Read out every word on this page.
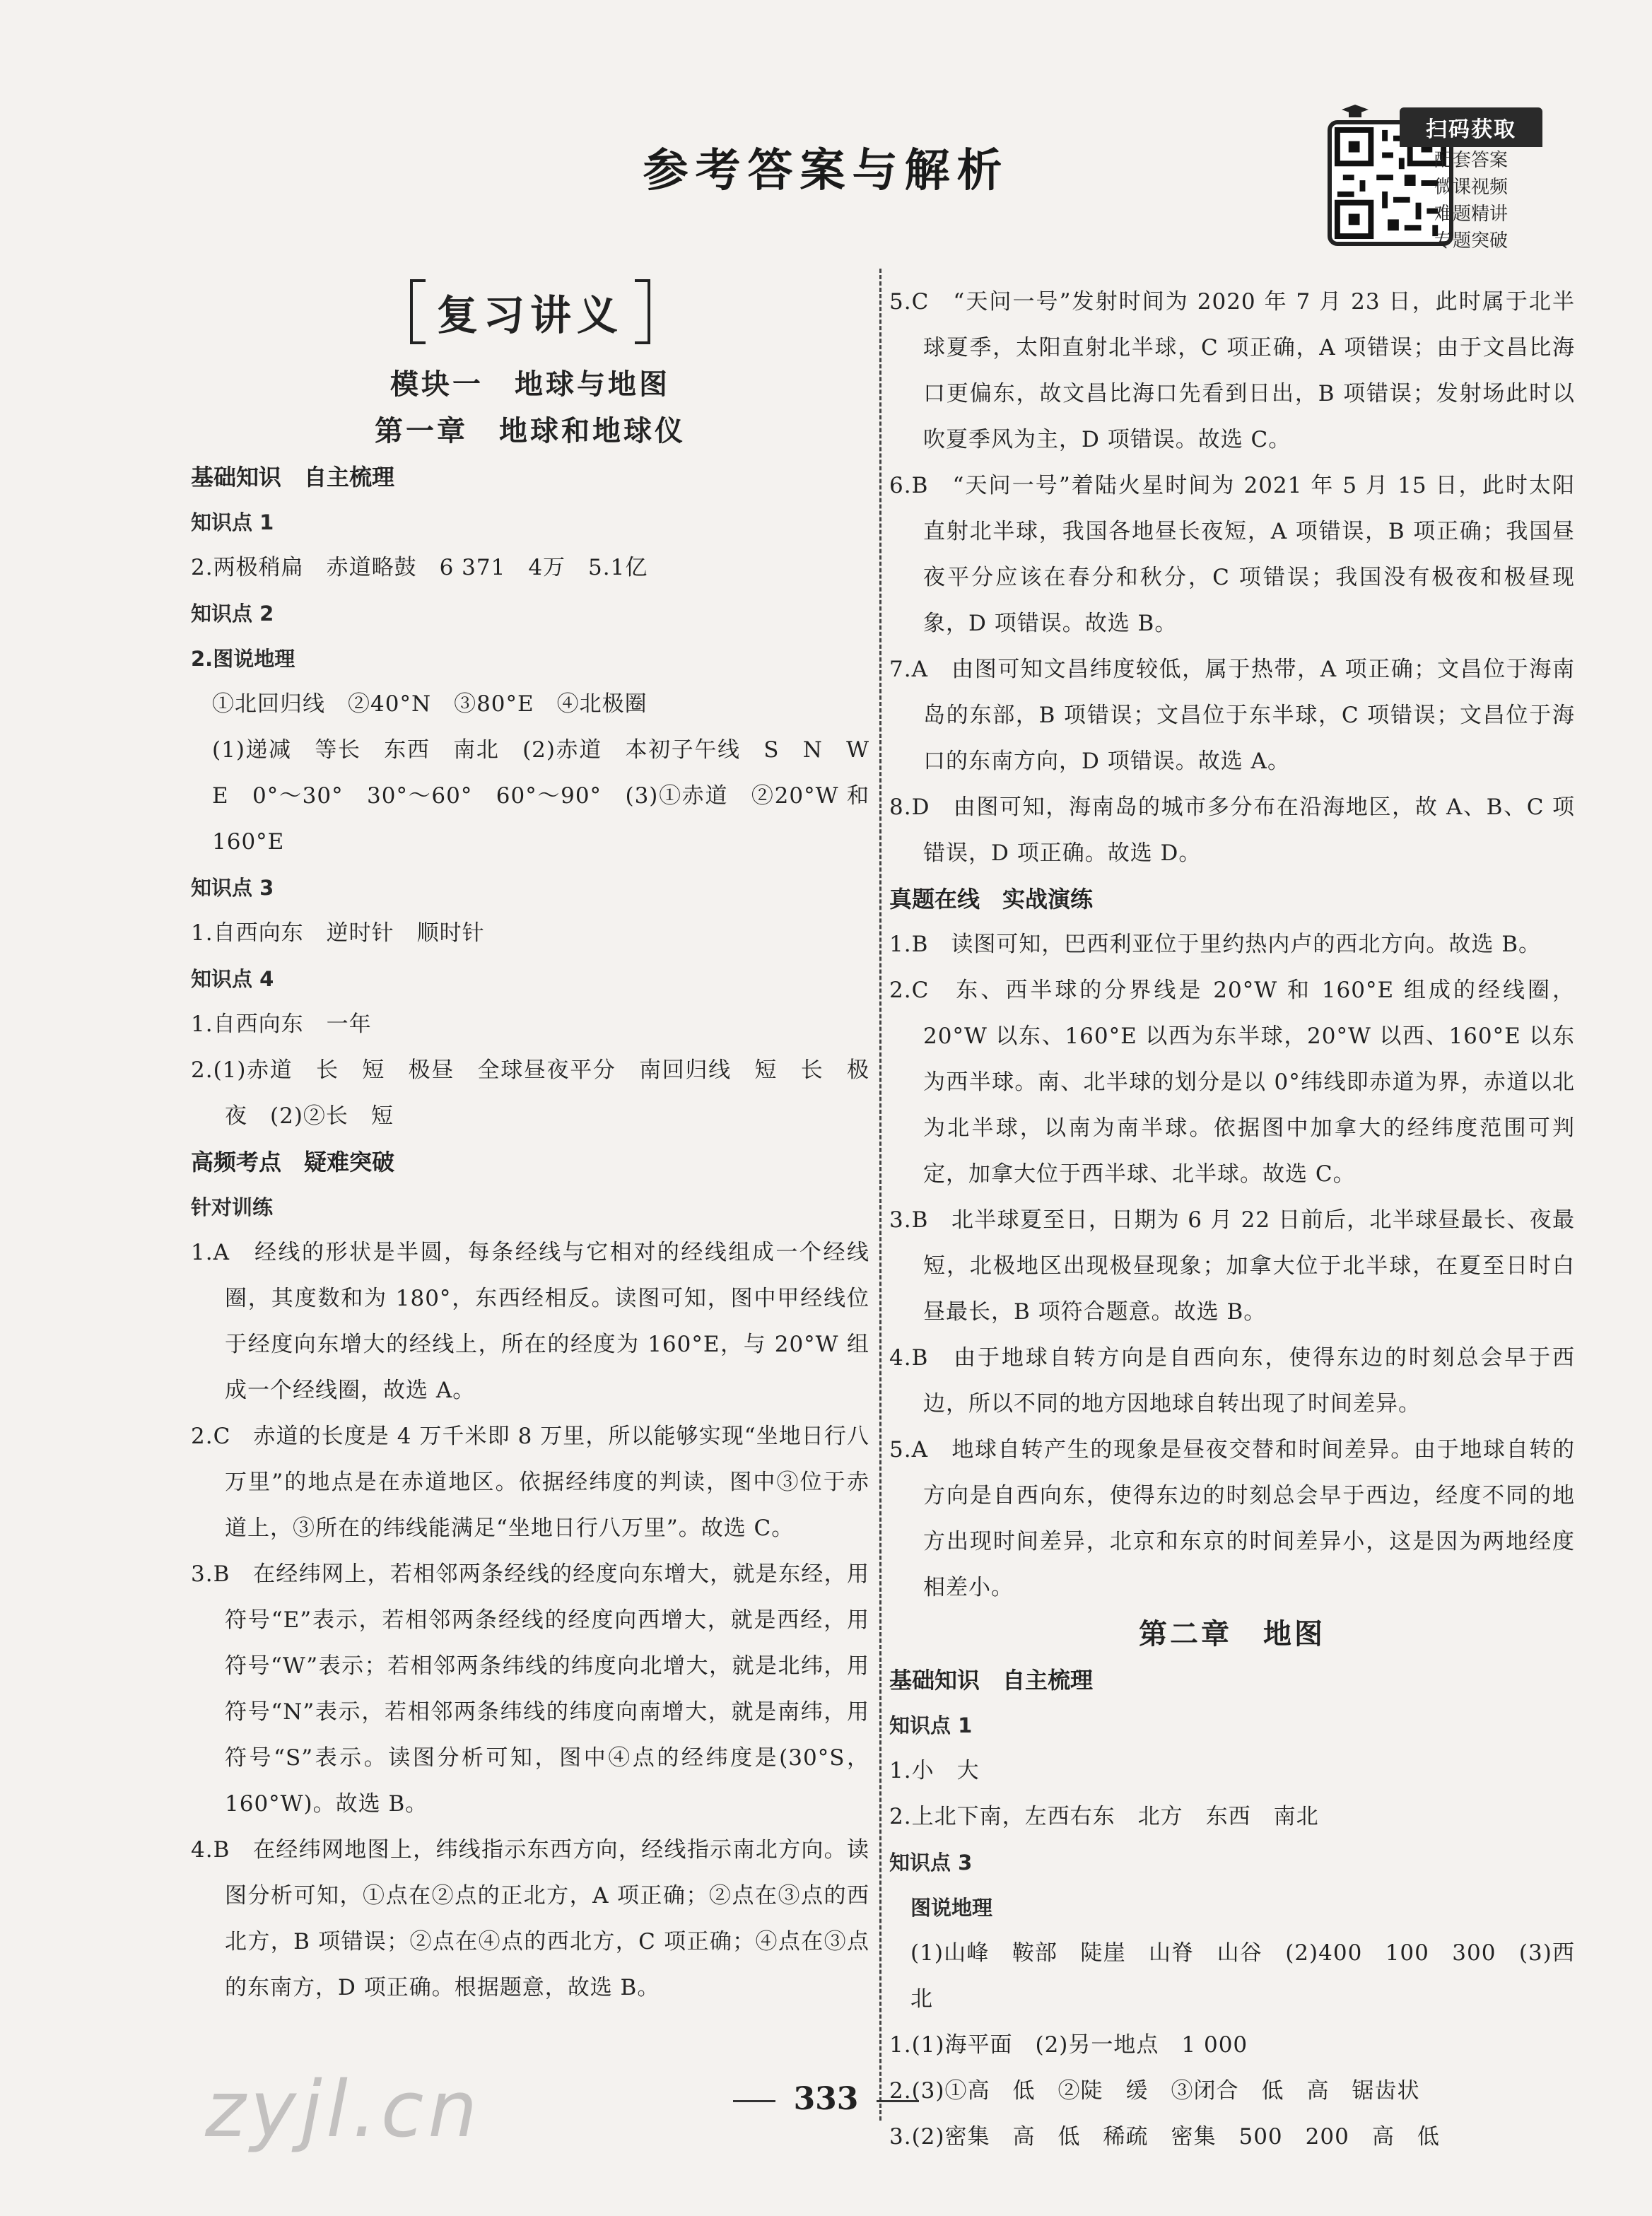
参考答案与解析
扫码获取
配套答案
微课视频
难题精讲
专题突破
复习讲义

模块一　地球与地图

第一章　地球和地球仪

基础知识　自主梳理

知识点 1

2.两极稍扁　赤道略鼓　6 371　4万　5.1亿

知识点 2

2.图说地理

①北回归线　②40°N　③80°E　④北极圈

(1)递减　等长　东西　南北　(2)赤道　本初子午线　S　N　W　E　0°～30°　30°～60°　60°～90°　(3)①赤道　②20°W 和 160°E

知识点 3

1.自西向东　逆时针　顺时针

知识点 4

1.自西向东　一年

2.(1)赤道　长　短　极昼　全球昼夜平分　南回归线　短　长　极夜　(2)②长　短

高频考点　疑难突破

针对训练

1.A　经线的形状是半圆，每条经线与它相对的经线组成一个经线圈，其度数和为 180°，东西经相反。读图可知，图中甲经线位于经度向东增大的经线上，所在的经度为 160°E，与 20°W 组成一个经线圈，故选 A。

2.C　赤道的长度是 4 万千米即 8 万里，所以能够实现“坐地日行八万里”的地点是在赤道地区。依据经纬度的判读，图中③位于赤道上，③所在的纬线能满足“坐地日行八万里”。故选 C。

3.B　在经纬网上，若相邻两条经线的经度向东增大，就是东经，用符号“E”表示，若相邻两条经线的经度向西增大，就是西经，用符号“W”表示；若相邻两条纬线的纬度向北增大，就是北纬，用符号“N”表示，若相邻两条纬线的纬度向南增大，就是南纬，用符号“S”表示。读图分析可知，图中④点的经纬度是(30°S，160°W)。故选 B。

4.B　在经纬网地图上，纬线指示东西方向，经线指示南北方向。读图分析可知，①点在②点的正北方，A 项正确；②点在③点的西北方，B 项错误；②点在④点的西北方，C 项正确；④点在③点的东南方，D 项正确。根据题意，故选 B。

5.C　“天问一号”发射时间为 2020 年 7 月 23 日，此时属于北半球夏季，太阳直射北半球，C 项正确，A 项错误；由于文昌比海口更偏东，故文昌比海口先看到日出，B 项错误；发射场此时以吹夏季风为主，D 项错误。故选 C。

6.B　“天问一号”着陆火星时间为 2021 年 5 月 15 日，此时太阳直射北半球，我国各地昼长夜短，A 项错误，B 项正确；我国昼夜平分应该在春分和秋分，C 项错误；我国没有极夜和极昼现象，D 项错误。故选 B。

7.A　由图可知文昌纬度较低，属于热带，A 项正确；文昌位于海南岛的东部，B 项错误；文昌位于东半球，C 项错误；文昌位于海口的东南方向，D 项错误。故选 A。

8.D　由图可知，海南岛的城市多分布在沿海地区，故 A、B、C 项错误，D 项正确。故选 D。

真题在线　实战演练

1.B　读图可知，巴西利亚位于里约热内卢的西北方向。故选 B。

2.C　东、西半球的分界线是 20°W 和 160°E 组成的经线圈，20°W 以东、160°E 以西为东半球，20°W 以西、160°E 以东为西半球。南、北半球的划分是以 0°纬线即赤道为界，赤道以北为北半球，以南为南半球。依据图中加拿大的经纬度范围可判定，加拿大位于西半球、北半球。故选 C。

3.B　北半球夏至日，日期为 6 月 22 日前后，北半球昼最长、夜最短，北极地区出现极昼现象；加拿大位于北半球，在夏至日时白昼最长，B 项符合题意。故选 B。

4.B　由于地球自转方向是自西向东，使得东边的时刻总会早于西边，所以不同的地方因地球自转出现了时间差异。

5.A　地球自转产生的现象是昼夜交替和时间差异。由于地球自转的方向是自西向东，使得东边的时刻总会早于西边，经度不同的地方出现时间差异，北京和东京的时间差异小，这是因为两地经度相差小。

第二章　地图

基础知识　自主梳理

知识点 1

1.小　大

2.上北下南，左西右东　北方　东西　南北

知识点 3

图说地理

(1)山峰　鞍部　陡崖　山脊　山谷　(2)400　100　300　(3)西北

1.(1)海平面　(2)另一地点　1 000

2.(3)①高　低　②陡　缓　③闭合　低　高　锯齿状

3.(2)密集　高　低　稀疏　密集　500　200　高　低

zyjl.cn	333
